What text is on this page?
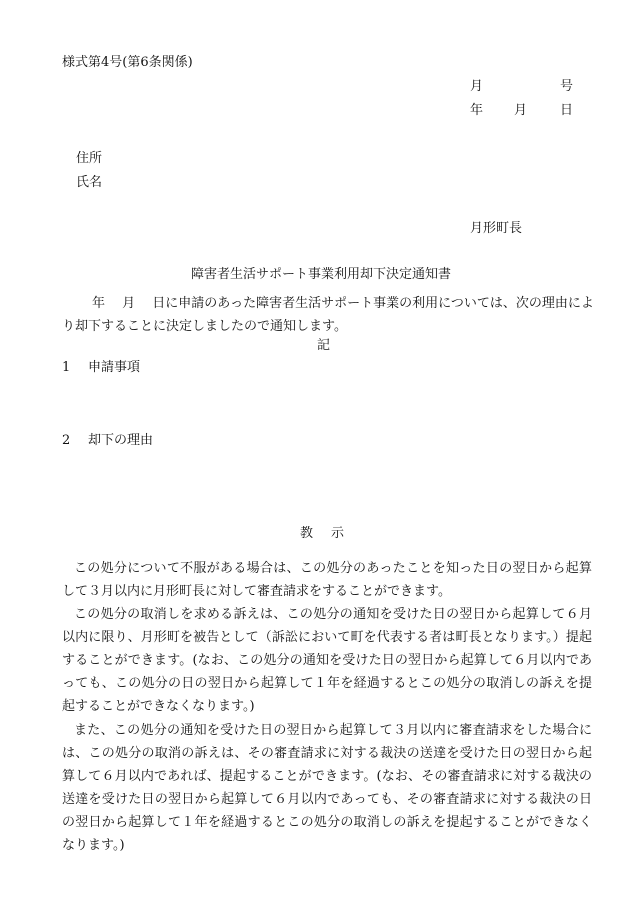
様式第4号(第6条関係)
月	号
年 月	日
住所
氏名
月形町長
障害者生活サポート事業利用却下決定通知書
年　 月　 日に申請のあった障害者生活サポート事業の利用については、次の理由により却下することに決定しましたので通知します。
記
1 申請事項
2 却下の理由
教示

この処分について不服がある場合は、この処分のあったことを知った日の翌日から起算して３月以内に月形町長に対して審査請求をすることができます。

この処分の取消しを求める訴えは、この処分の通知を受けた日の翌日から起算して６月以内に限り、月形町を被告として（訴訟において町を代表する者は町長となります。）提起することができます。(なお、この処分の通知を受けた日の翌日から起算して６月以内であっても、この処分の日の翌日から起算して１年を経過するとこの処分の取消しの訴えを提起することができなくなります。)

また、この処分の通知を受けた日の翌日から起算して３月以内に審査請求をした場合には、この処分の取消の訴えは、その審査請求に対する裁決の送達を受けた日の翌日から起算して６月以内であれば、提起することができます。(なお、その審査請求に対する裁決の送達を受けた日の翌日から起算して６月以内であっても、その審査請求に対する裁決の日の翌日から起算して１年を経過するとこの処分の取消しの訴えを提起することができなくなります。)
